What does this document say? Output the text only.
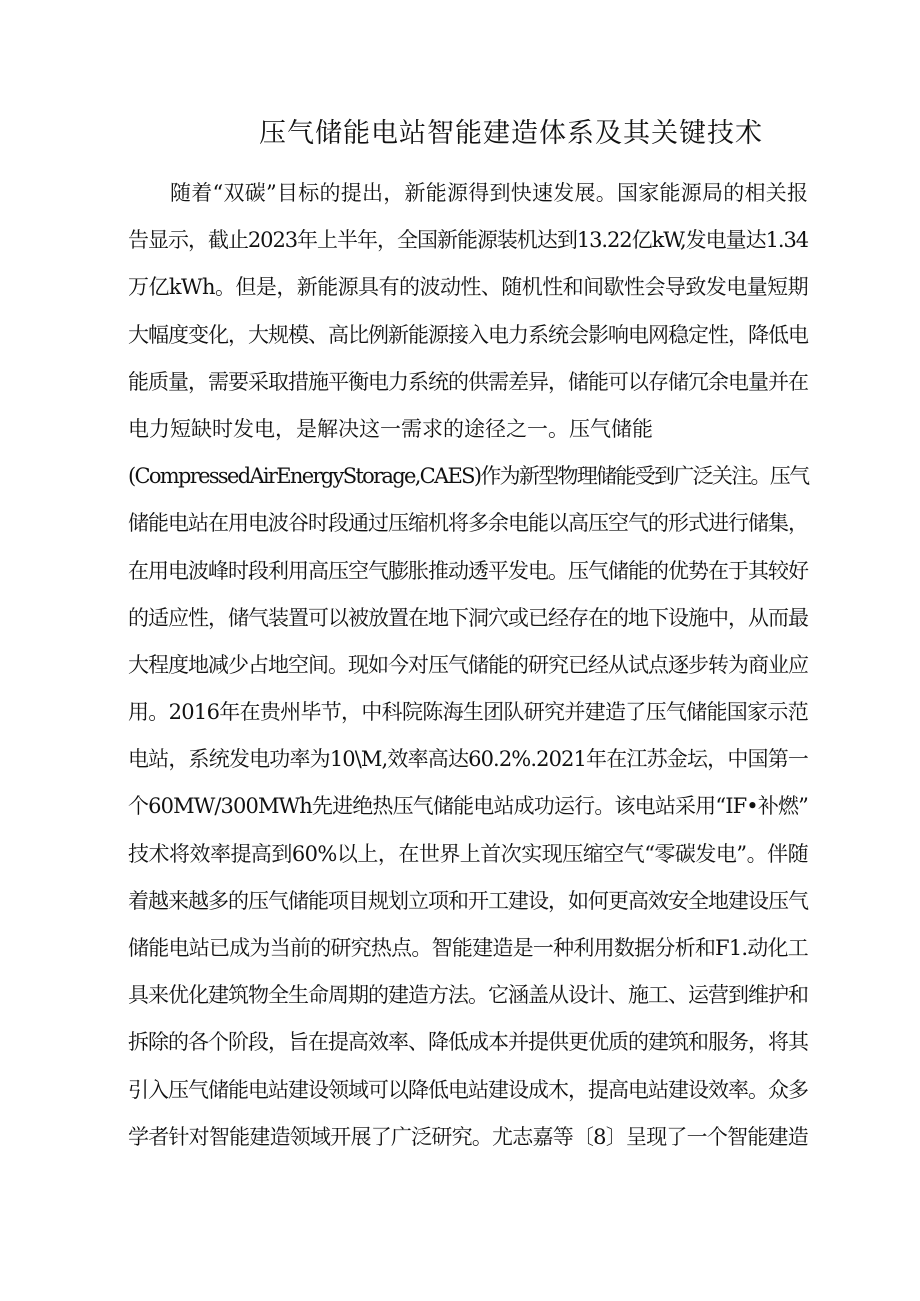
压气储能电站智能建造体系及其关键技术
随着“双碳”目标的提出，新能源得到快速发展。国家能源局的相关报
告显示，截止2023年上半年，全国新能源装机达到13.22亿kW,发电量达1.34
万亿kWh。但是，新能源具有的波动性、随机性和间歇性会导致发电量短期
大幅度变化，大规模、高比例新能源接入电力系统会影响电网稳定性，降低电
能质量，需要采取措施平衡电力系统的供需差异，储能可以存储冗余电量并在
电力短缺时发电，是解决这一需求的途径之一。压气储能
(CompressedAirEnergyStorage,CAES)作为新型物理储能受到广泛关注。压气
储能电站在用电波谷时段通过压缩机将多余电能以高压空气的形式进行储集，
在用电波峰时段利用高压空气膨胀推动透平发电。压气储能的优势在于其较好
的适应性，储气装置可以被放置在地下洞穴或已经存在的地下设施中，从而最
大程度地减少占地空间。现如今对压气储能的研究已经从试点逐步转为商业应
用。2016年在贵州毕节，中科院陈海生团队研究并建造了压气储能国家示范
电站，系统发电功率为10\M,效率高达60.2%.2021年在江苏金坛，中国第一
个60MW/300MWh先进绝热压气储能电站成功运行。该电站采用“IF•补燃”
技术将效率提高到60%以上，在世界上首次实现压缩空气“零碳发电”。伴随
着越来越多的压气储能项目规划立项和开工建设，如何更高效安全地建设压气
储能电站已成为当前的研究热点。智能建造是一种利用数据分析和F1.动化工
具来优化建筑物全生命周期的建造方法。它涵盖从设计、施工、运营到维护和
拆除的各个阶段，旨在提高效率、降低成本并提供更优质的建筑和服务，将其
引入压气储能电站建设领域可以降低电站建设成木，提高电站建设效率。众多
学者针对智能建造领域开展了广泛研究。尤志嘉等〔8〕呈现了一个智能建造
